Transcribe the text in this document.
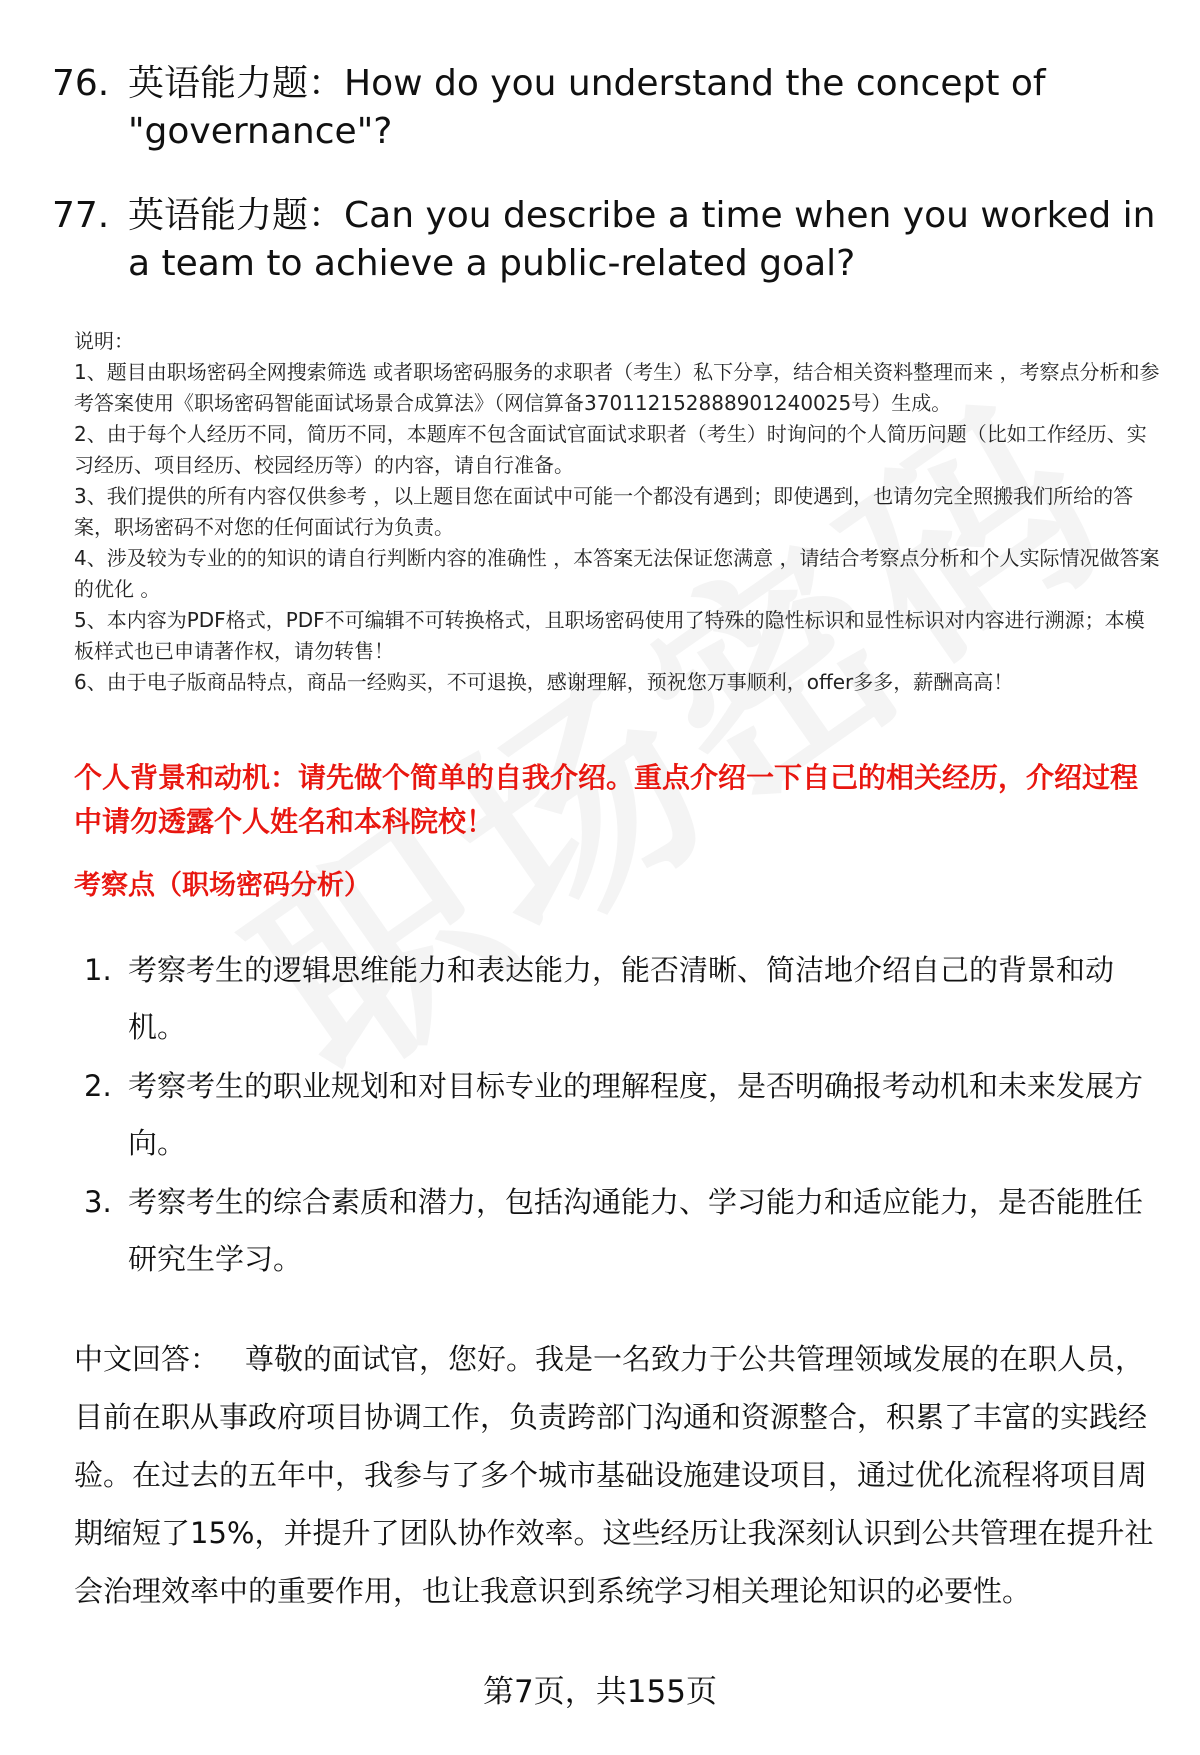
76. 英语能力题：How do you understand the concept of "governance"?
77. 英语能力题：Can you describe a time when you worked in a team to achieve a public-related goal?

说明：

1、题目由职场密码全网搜索筛选 或者职场密码服务的求职者（考生）私下分享，结合相关资料整理而来 ，考察点分析和参考答案使用《职场密码智能面试场景合成算法》（网信算备370112152888901240025号）生成。

2、由于每个人经历不同，简历不同，本题库不包含面试官面试求职者（考生）时询问的个人简历问题（比如工作经历、实习经历、项目经历、校园经历等）的内容，请自行准备。

3、我们提供的所有内容仅供参考 ，以上题目您在面试中可能一个都没有遇到；即使遇到，也请勿完全照搬我们所给的答案，职场密码不对您的任何面试行为负责。

4、涉及较为专业的的知识的请自行判断内容的准确性 ，本答案无法保证您满意 ，请结合考察点分析和个人实际情况做答案的优化 。

5、本内容为PDF格式，PDF不可编辑不可转换格式，且职场密码使用了特殊的隐性标识和显性标识对内容进行溯源；本模板样式也已申请著作权，请勿转售！

6、由于电子版商品特点，商品一经购买，不可退换，感谢理解，预祝您万事顺利，offer多多，薪酬高高！

个人背景和动机：请先做个简单的自我介绍。重点介绍一下自己的相关经历，介绍过程中请勿透露个人姓名和本科院校！

考察点（职场密码分析）

1. 考察考生的逻辑思维能力和表达能力，能否清晰、简洁地介绍自己的背景和动机。
2. 考察考生的职业规划和对目标专业的理解程度，是否明确报考动机和未来发展方向。
3. 考察考生的综合素质和潜力，包括沟通能力、学习能力和适应能力，是否能胜任研究生学习。

中文回答： 尊敬的面试官，您好。我是一名致力于公共管理领域发展的在职人员，目前在职从事政府项目协调工作，负责跨部门沟通和资源整合，积累了丰富的实践经验。在过去的五年中，我参与了多个城市基础设施建设项目，通过优化流程将项目周期缩短了15%，并提升了团队协作效率。这些经历让我深刻认识到公共管理在提升社会治理效率中的重要作用，也让我意识到系统学习相关理论知识的必要性。

第7页，共155页
